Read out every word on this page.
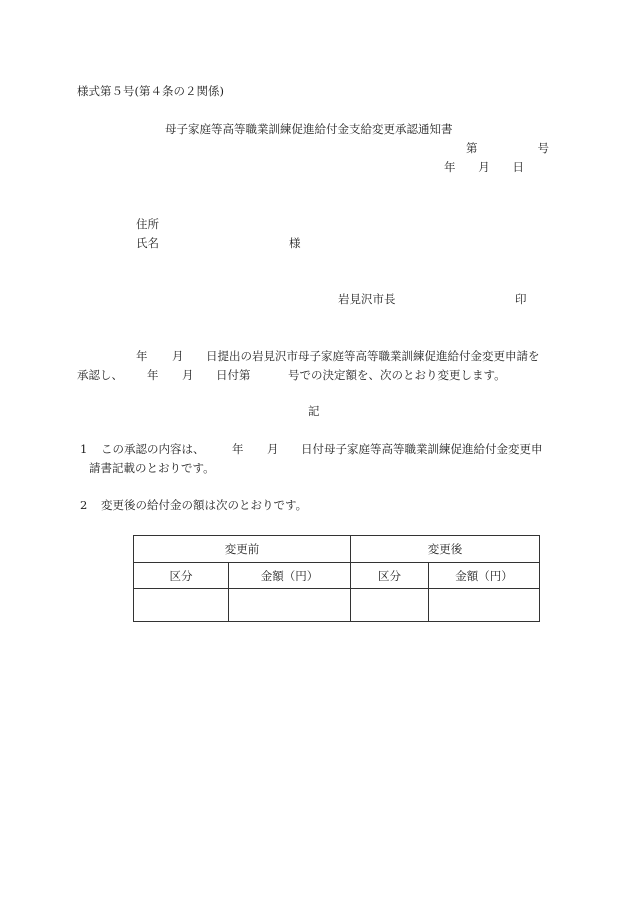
様式第５号(第４条の２関係)
母子家庭等高等職業訓練促進給付金支給変更承認通知書
第	号
年 月 日
住所
氏名	様
岩見沢市長	印
年 月 日提出の岩見沢市母子家庭等高等職業訓練促進給付金変更申請を
承認し、 年 月 日付第	号での決定額を、次のとおり変更します。
記
1 この承認の内容は、 年 月 日付母子家庭等高等職業訓練促進給付金変更申
請書記載のとおりです。
2 変更後の給付金の額は次のとおりです。
変更前		変更後	
区分	金額（円）	区分	金額（円）
